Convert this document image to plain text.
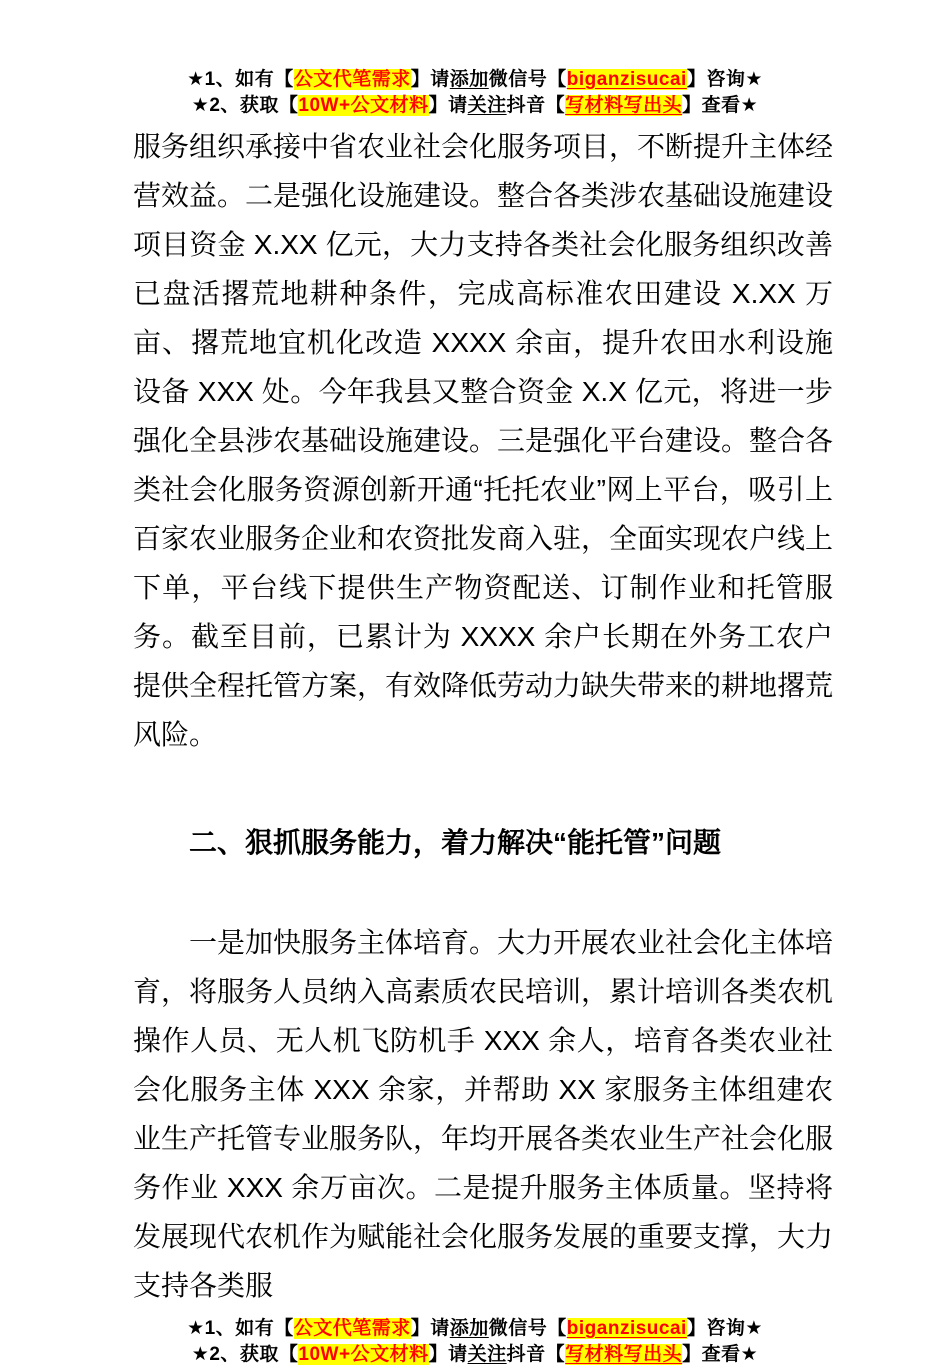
★1、如有【公文代笔需求】请添加微信号【biganzisucai】咨询★
★2、获取【10W+公文材料】请关注抖音【写材料写出头】查看★

服务组织承接中省农业社会化服务项目，不断提升主体经营效益。二是强化设施建设。整合各类涉农基础设施建设项目资金 X.XX 亿元，大力支持各类社会化服务组织改善已盘活撂荒地耕种条件，完成高标准农田建设 X.XX 万亩、撂荒地宜机化改造 XXXX 余亩，提升农田水利设施设备 XXX 处。今年我县又整合资金 X.X 亿元，将进一步强化全县涉农基础设施建设。三是强化平台建设。整合各类社会化服务资源创新开通“托托农业”网上平台，吸引上百家农业服务企业和农资批发商入驻，全面实现农户线上下单，平台线下提供生产物资配送、订制作业和托管服务。截至目前，已累计为 XXXX 余户长期在外务工农户提供全程托管方案，有效降低劳动力缺失带来的耕地撂荒风险。

二、狠抓服务能力，着力解决“能托管”问题

一是加快服务主体培育。大力开展农业社会化主体培育，将服务人员纳入高素质农民培训，累计培训各类农机操作人员、无人机飞防机手 XXX 余人，培育各类农业社会化服务主体 XXX 余家，并帮助 XX 家服务主体组建农业生产托管专业服务队，年均开展各类农业生产社会化服务作业 XXX 余万亩次。二是提升服务主体质量。坚持将发展现代农机作为赋能社会化服务发展的重要支撑，大力支持各类服

★1、如有【公文代笔需求】请添加微信号【biganzisucai】咨询★
★2、获取【10W+公文材料】请关注抖音【写材料写出头】查看★
